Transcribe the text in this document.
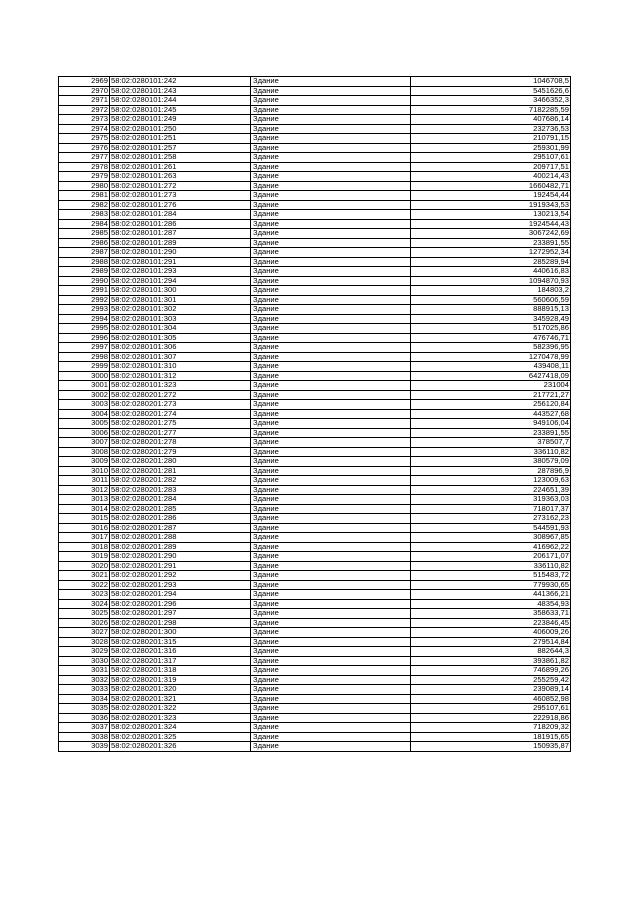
2969	58:02:0280101:242	Здание	1046708,5
2970	58:02:0280101:243	Здание	5451626,6
2971	58:02:0280101:244	Здание	3466352,3
2972	58:02:0280101:245	Здание	7182285,59
2973	58:02:0280101:249	Здание	407686,14
2974	58:02:0280101:250	Здание	232736,53
2975	58:02:0280101:251	Здание	210791,15
2976	58:02:0280101:257	Здание	259301,99
2977	58:02:0280101:258	Здание	295107,61
2978	58:02:0280101:261	Здание	209717,51
2979	58:02:0280101:263	Здание	400214,43
2980	58:02:0280101:272	Здание	1660482,71
2981	58:02:0280101:273	Здание	192454,44
2982	58:02:0280101:276	Здание	1919343,53
2983	58:02:0280101:284	Здание	130213,54
2984	58:02:0280101:286	Здание	1924544,43
2985	58:02:0280101:287	Здание	3067242,69
2986	58:02:0280101:289	Здание	233891,55
2987	58:02:0280101:290	Здание	1272952,34
2988	58:02:0280101:291	Здание	285289,94
2989	58:02:0280101:293	Здание	440616,83
2990	58:02:0280101:294	Здание	1094870,93
2991	58:02:0280101:300	Здание	184803,2
2992	58:02:0280101:301	Здание	560606,59
2993	58:02:0280101:302	Здание	888915,13
2994	58:02:0280101:303	Здание	345928,49
2995	58:02:0280101:304	Здание	517025,86
2996	58:02:0280101:305	Здание	476746,71
2997	58:02:0280101:306	Здание	582396,95
2998	58:02:0280101:307	Здание	1270478,99
2999	58:02:0280101:310	Здание	439408,11
3000	58:02:0280101:312	Здание	6427418,09
3001	58:02:0280101:323	Здание	231004
3002	58:02:0280201:272	Здание	217721,27
3003	58:02:0280201:273	Здание	256120,84
3004	58:02:0280201:274	Здание	443527,68
3005	58:02:0280201:275	Здание	949106,04
3006	58:02:0280201:277	Здание	233891,55
3007	58:02:0280201:278	Здание	378507,7
3008	58:02:0280201:279	Здание	336110,82
3009	58:02:0280201:280	Здание	380579,09
3010	58:02:0280201:281	Здание	287896,9
3011	58:02:0280201:282	Здание	123009,63
3012	58:02:0280201:283	Здание	224651,39
3013	58:02:0280201:284	Здание	319363,03
3014	58:02:0280201:285	Здание	718017,37
3015	58:02:0280201:286	Здание	273162,23
3016	58:02:0280201:287	Здание	544591,93
3017	58:02:0280201:288	Здание	308967,85
3018	58:02:0280201:289	Здание	416962,22
3019	58:02:0280201:290	Здание	206171,07
3020	58:02:0280201:291	Здание	336110,82
3021	58:02:0280201:292	Здание	515483,72
3022	58:02:0280201:293	Здание	779930,65
3023	58:02:0280201:294	Здание	441366,21
3024	58:02:0280201:296	Здание	48354,93
3025	58:02:0280201:297	Здание	358633,71
3026	58:02:0280201:298	Здание	223846,45
3027	58:02:0280201:300	Здание	406009,26
3028	58:02:0280201:315	Здание	279514,84
3029	58:02:0280201:316	Здание	882644,3
3030	58:02:0280201:317	Здание	393861,82
3031	58:02:0280201:318	Здание	746899,26
3032	58:02:0280201:319	Здание	255259,42
3033	58:02:0280201:320	Здание	239089,14
3034	58:02:0280201:321	Здание	460852,98
3035	58:02:0280201:322	Здание	295107,61
3036	58:02:0280201:323	Здание	222918,86
3037	58:02:0280201:324	Здание	718209,32
3038	58:02:0280201:325	Здание	181915,65
3039	58:02:0280201:326	Здание	150935,87
